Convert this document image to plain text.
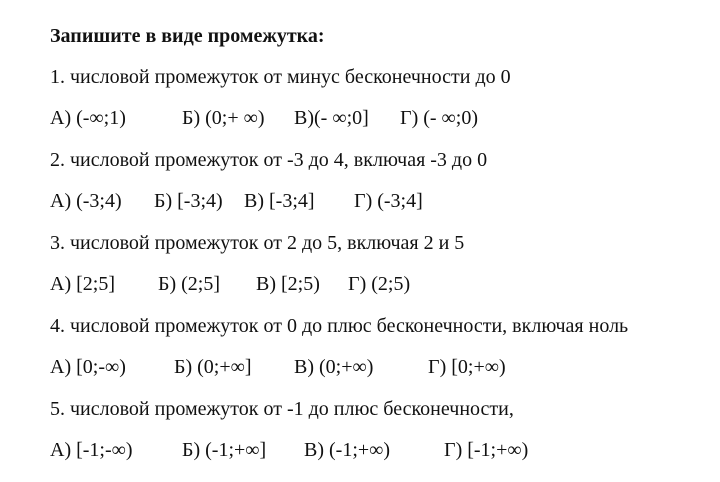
Запишите в виде промежутка:
1. числовой промежуток от минус бесконечности до 0
А) (-∞;1)	Б) (0;+ ∞) В)(- ∞;0] Г) (- ∞;0)
2. числовой промежуток от -3 до 4, включая -3 до 0
А) (-3;4) Б) [-3;4) В) [-3;4] Г) (-3;4]
3. числовой промежуток от 2 до 5, включая 2 и 5
А) [2;5] Б) (2;5] В) [2;5) Г) (2;5)
4. числовой промежуток от 0 до плюс бесконечности, включая ноль
А) [0;-∞) Б) (0;+∞] В) (0;+∞)	Г) [0;+∞)
5. числовой промежуток от -1 до плюс бесконечности,
А) [-1;-∞) Б) (-1;+∞] В) (-1;+∞)	Г) [-1;+∞)
